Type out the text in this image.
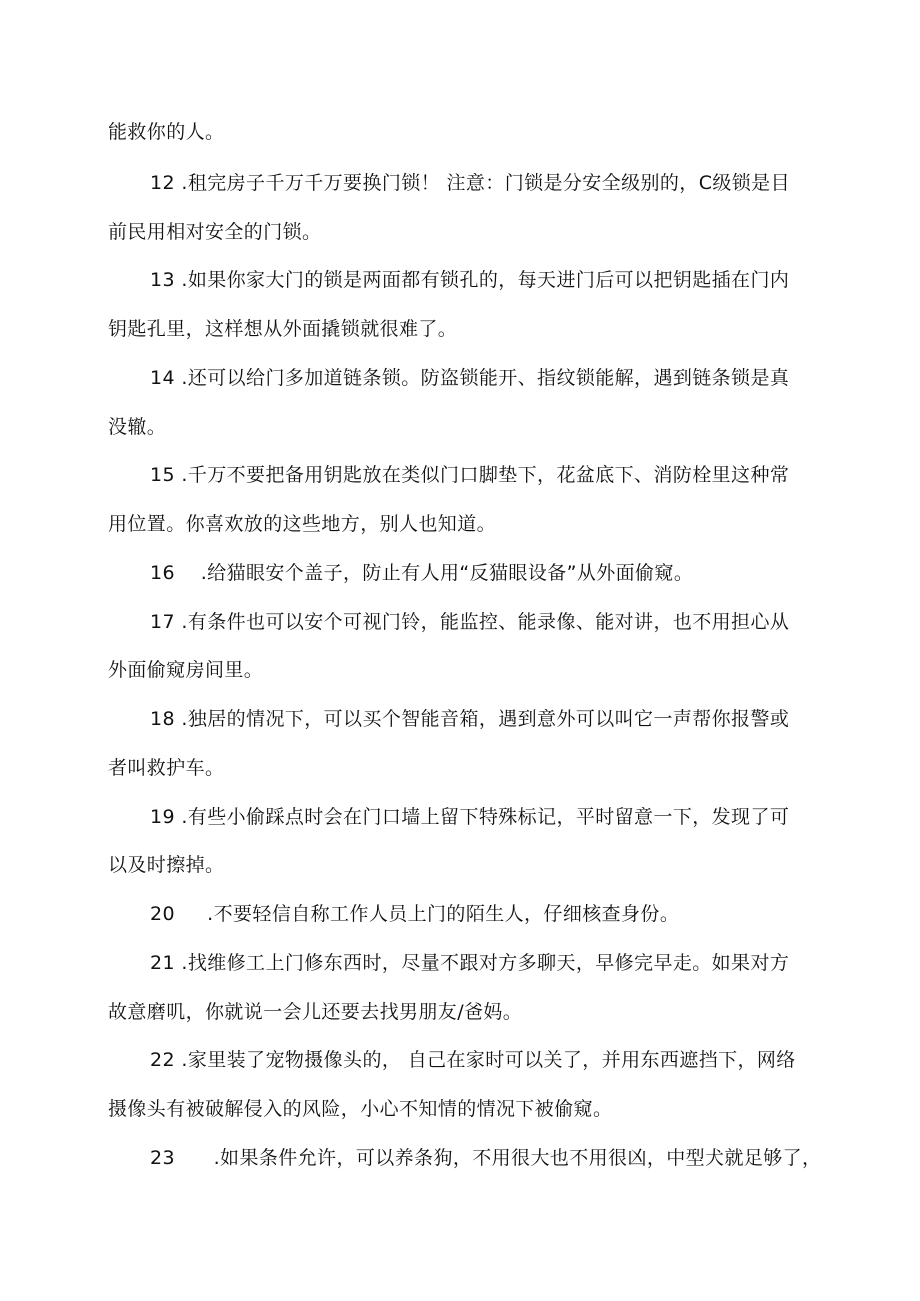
能救你的人。
12 .租完房子千万千万要换门锁！ 注意：门锁是分安全级别的，C级锁是目
前民用相对安全的门锁。
13 .如果你家大门的锁是两面都有锁孔的，每天进门后可以把钥匙插在门内
钥匙孔里，这样想从外面撬锁就很难了。
14 .还可以给门多加道链条锁。防盗锁能开、指纹锁能解，遇到链条锁是真
没辙。
15 .千万不要把备用钥匙放在类似门口脚垫下，花盆底下、消防栓里这种常
用位置。你喜欢放的这些地方，别人也知道。
16    .给猫眼安个盖子，防止有人用“反猫眼设备”从外面偷窥。
17 .有条件也可以安个可视门铃，能监控、能录像、能对讲，也不用担心从
外面偷窥房间里。
18 .独居的情况下，可以买个智能音箱，遇到意外可以叫它一声帮你报警或
者叫救护车。
19 .有些小偷踩点时会在门口墙上留下特殊标记，平时留意一下，发现了可
以及时擦掉。
20     .不要轻信自称工作人员上门的陌生人，仔细核查身份。
21 .找维修工上门修东西时，尽量不跟对方多聊天，早修完早走。如果对方
故意磨叽，你就说一会儿还要去找男朋友/爸妈。
22 .家里装了宠物摄像头的， 自己在家时可以关了，并用东西遮挡下，网络
摄像头有被破解侵入的风险，小心不知情的情况下被偷窥。
23      .如果条件允许，可以养条狗，不用很大也不用很凶，中型犬就足够了，
